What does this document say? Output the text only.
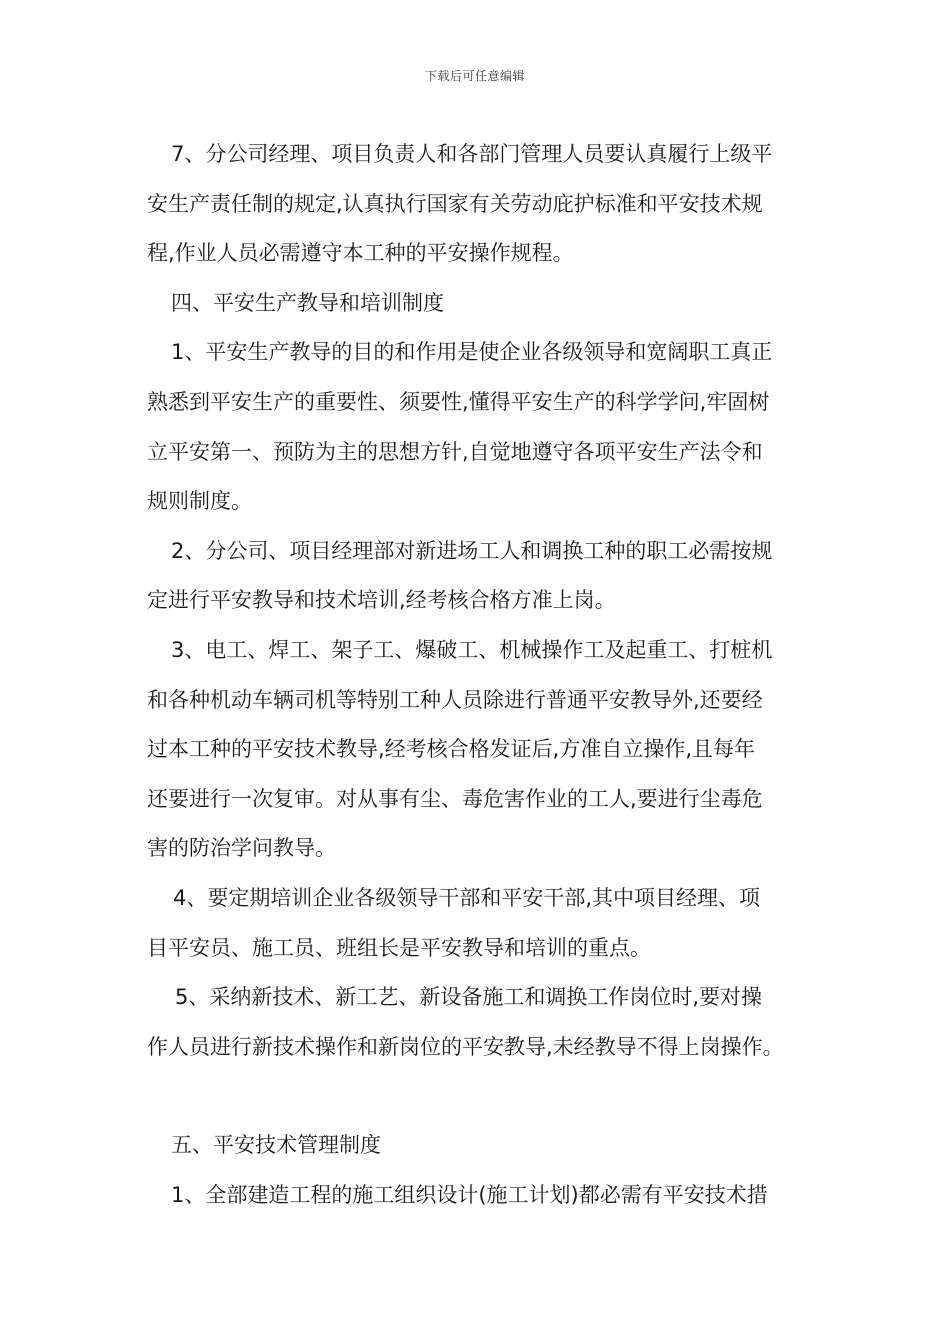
下载后可任意编辑

7、分公司经理、项目负责人和各部门管理人员要认真履行上级平

安生产责任制的规定,认真执行国家有关劳动庇护标准和平安技术规

程,作业人员必需遵守本工种的平安操作规程。

四、平安生产教导和培训制度

1、平安生产教导的目的和作用是使企业各级领导和宽阔职工真正

熟悉到平安生产的重要性、须要性,懂得平安生产的科学学问,牢固树

立平安第一、预防为主的思想方针,自觉地遵守各项平安生产法令和

规则制度。

2、分公司、项目经理部对新进场工人和调换工种的职工必需按规

定进行平安教导和技术培训,经考核合格方准上岗。

3、电工、焊工、架子工、爆破工、机械操作工及起重工、打桩机

和各种机动车辆司机等特别工种人员除进行普通平安教导外,还要经

过本工种的平安技术教导,经考核合格发证后,方准自立操作,且每年

还要进行一次复审。对从事有尘、毒危害作业的工人,要进行尘毒危

害的防治学问教导。

4、要定期培训企业各级领导干部和平安干部,其中项目经理、项

目平安员、施工员、班组长是平安教导和培训的重点。

5、采纳新技术、新工艺、新设备施工和调换工作岗位时,要对操

作人员进行新技术操作和新岗位的平安教导,未经教导不得上岗操作。

五、平安技术管理制度

1、全部建造工程的施工组织设计(施工计划)都必需有平安技术措
